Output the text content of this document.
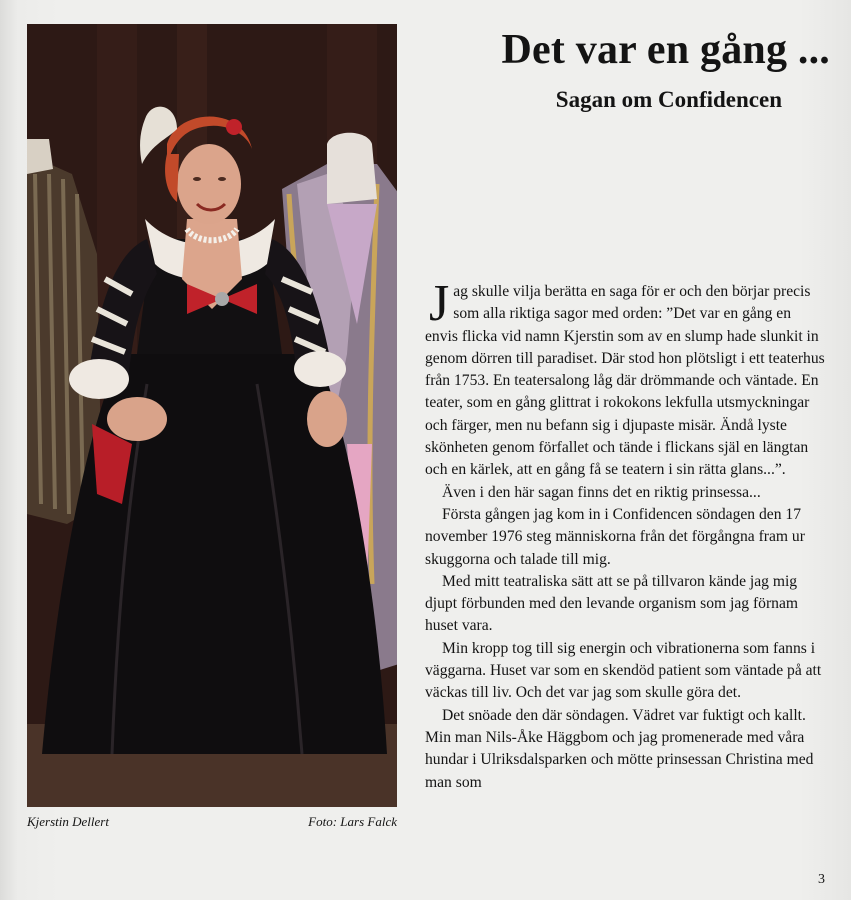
Kjerstin Dellert	Foto: Lars Falck
Det var en gång ...
Sagan om Confidencen

Jag skulle vilja berätta en saga för er och den börjar precis som alla riktiga sagor med orden: ”Det var en gång en envis flicka vid namn Kjerstin som av en slump hade slunkit in genom dörren till paradiset. Där stod hon plötsligt i ett teaterhus från 1753. En teatersalong låg där drömmande och väntade. En teater, som en gång glittrat i rokokons lekfulla utsmyckningar och färger, men nu befann sig i djupaste misär. Ändå lyste skönheten genom förfallet och tände i flickans själ en längtan och en kärlek, att en gång få se teatern i sin rätta glans...”.

Även i den här sagan finns det en riktig prinsessa...

Första gången jag kom in i Confidencen söndagen den 17 november 1976 steg människorna från det förgångna fram ur skuggorna och talade till mig.

Med mitt teatraliska sätt att se på tillvaron kände jag mig djupt förbunden med den levande organism som jag förnam huset vara.

Min kropp tog till sig energin och vibrationerna som fanns i väggarna. Huset var som en skendöd patient som väntade på att väckas till liv. Och det var jag som skulle göra det.

Det snöade den där söndagen. Vädret var fuktigt och kallt. Min man Nils-Åke Häggbom och jag promenerade med våra hundar i Ulriksdalsparken och mötte prinsessan Christina med man som

3
